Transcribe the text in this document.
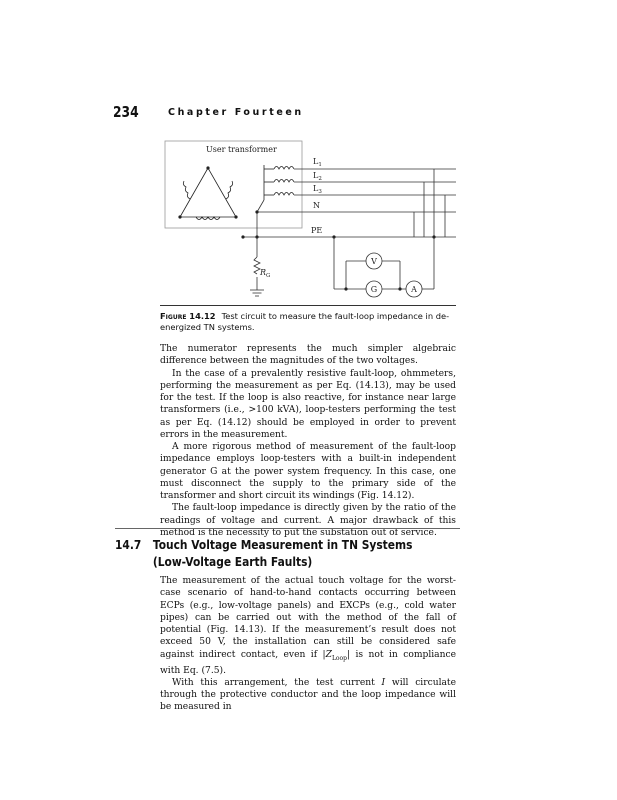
234	Chapter Fourteen
User transformer
$L_1$
$L_2$
$L_3$
N
PE
$R_G$
V
G	A
Figure 14.12 Test circuit to measure the fault-loop impedance in de-energized TN systems.

The numerator represents the much simpler algebraic difference between the magnitudes of the two voltages.

In the case of a prevalently resistive fault-loop, ohmmeters, performing the measurement as per Eq. (14.13), may be used for the test. If the loop is also reactive, for instance near large transformers (i.e., >100 kVA), loop-testers performing the test as per Eq. (14.12) should be employed in order to prevent errors in the measurement.

A more rigorous method of measurement of the fault-loop impedance employs loop-testers with a built-in independent generator G at the power system frequency. In this case, one must disconnect the supply to the primary side of the transformer and short circuit its windings (Fig. 14.12).

The fault-loop impedance is directly given by the ratio of the readings of voltage and current. A major drawback of this method is the necessity to put the substation out of service.

14.7 Touch Voltage Measurement in TN Systems
(Low-Voltage Earth Faults)

The measurement of the actual touch voltage for the worst-case scenario of hand-to-hand contacts occurring between ECPs (e.g., low-voltage panels) and EXCPs (e.g., cold water pipes) can be carried out with the method of the fall of potential (Fig. 14.13). If the measurement’s result does not exceed 50 V, the installation can still be considered safe against indirect contact, even if $|Z_{Loop}|$ is not in compliance with Eq. (7.5).

With this arrangement, the test current I will circulate through the protective conductor and the loop impedance will be measured in
